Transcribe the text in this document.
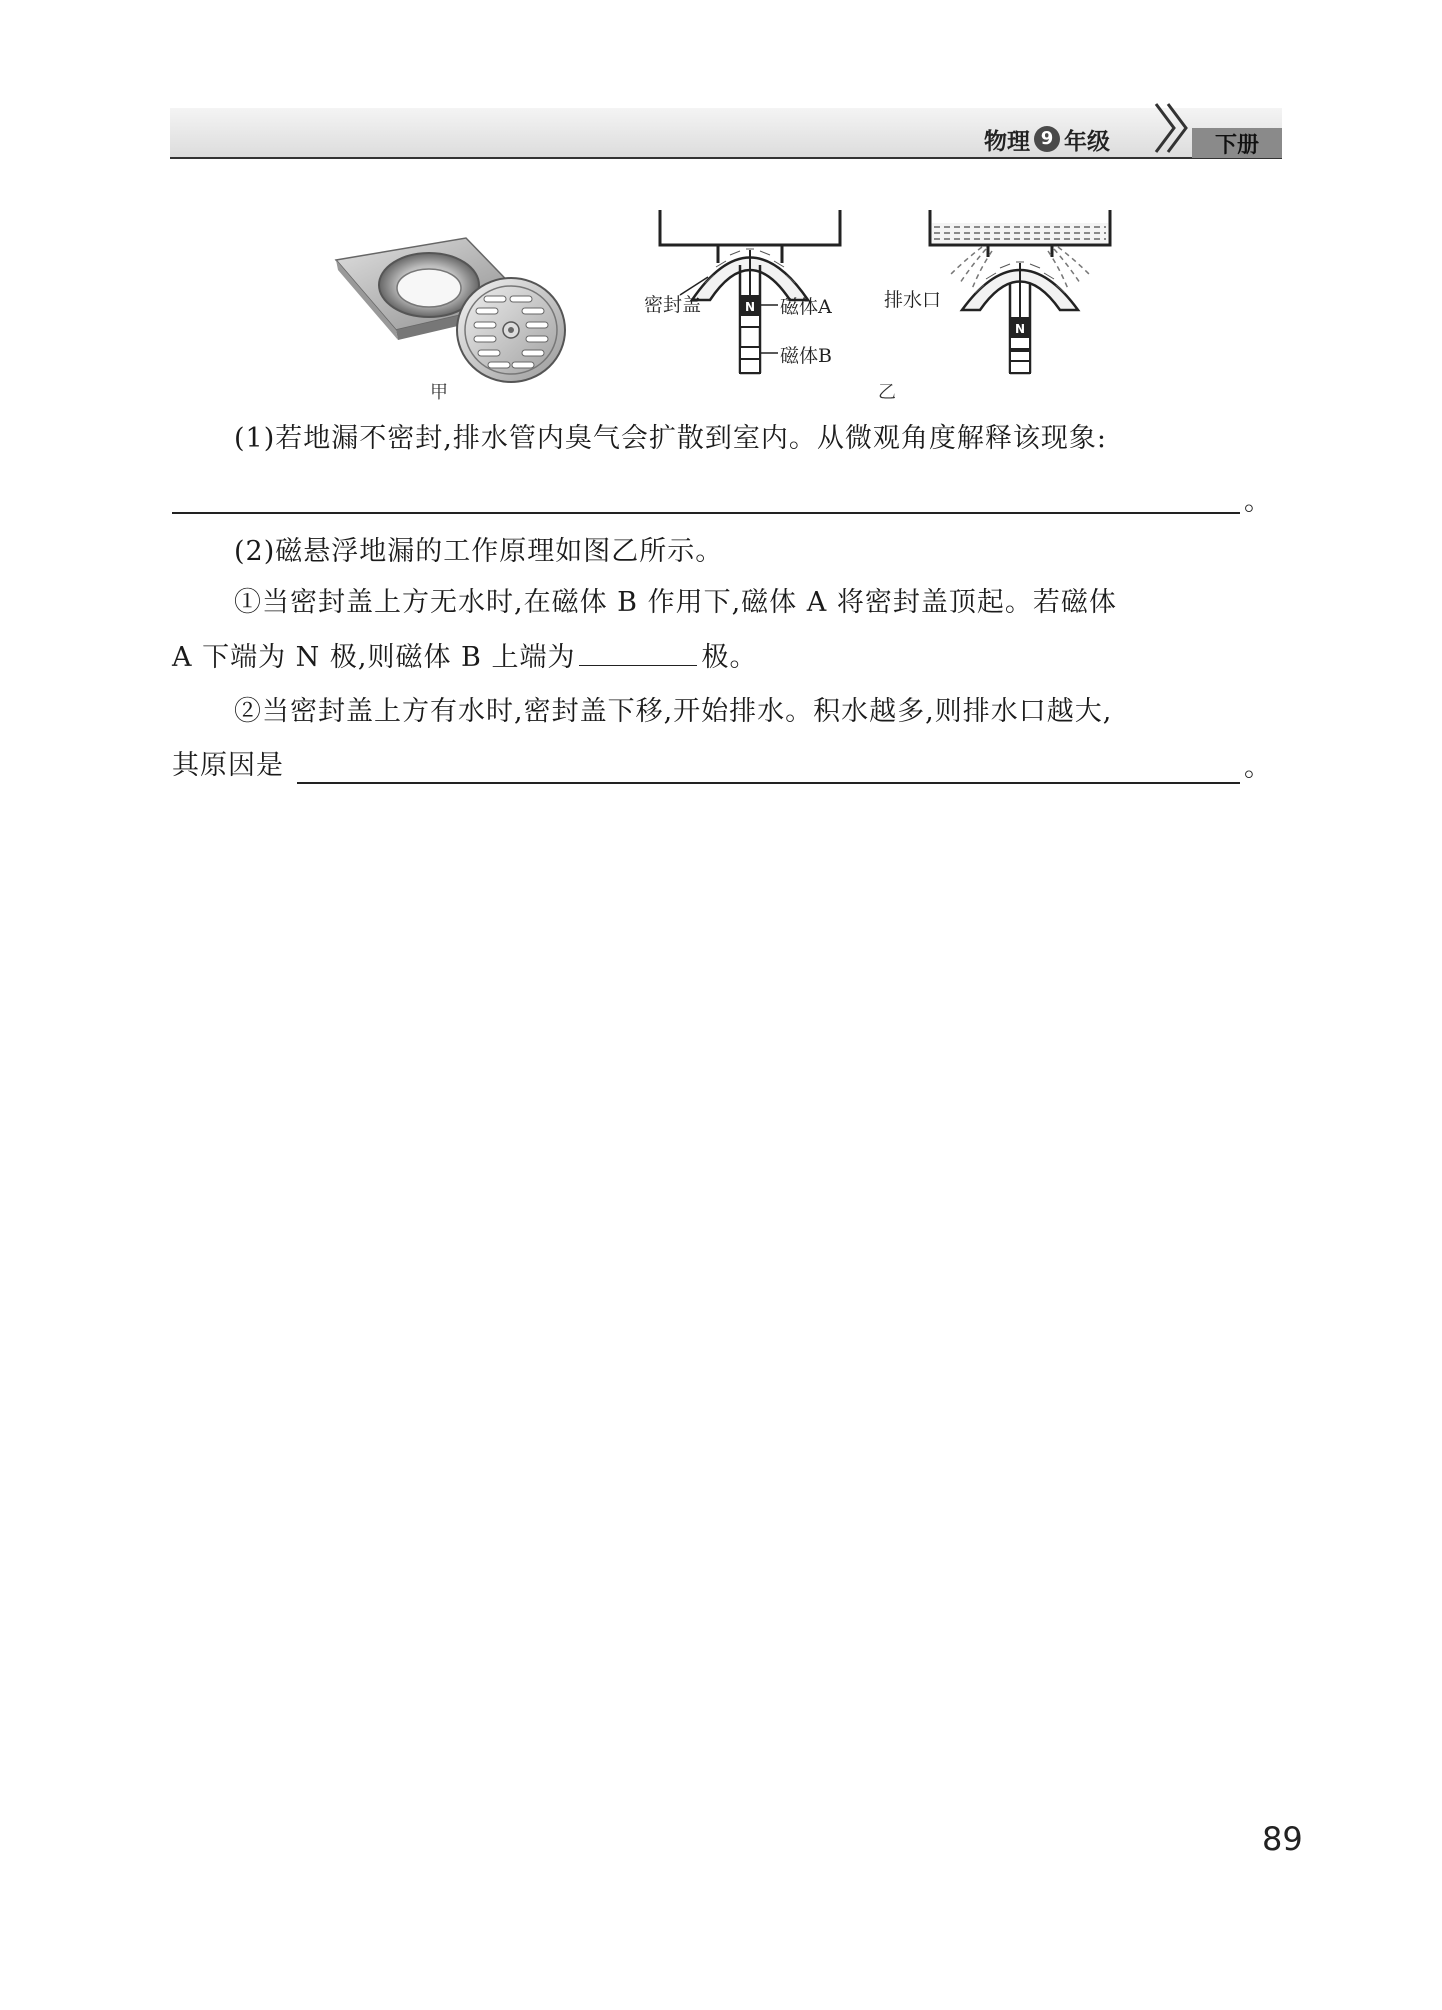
物理 9 年级	下册
甲
N
密封盖	磁体A
磁体B
N
排水口
乙
(1)若地漏不密封,排水管内臭气会扩散到室内。从微观角度解释该现象:
。
(2)磁悬浮地漏的工作原理如图乙所示。
①当密封盖上方无水时,在磁体 B 作用下,磁体 A 将密封盖顶起。若磁体
A 下端为 N 极,则磁体 B 上端为	极。
②当密封盖上方有水时,密封盖下移,开始排水。积水越多,则排水口越大,
其原因是	。
89
